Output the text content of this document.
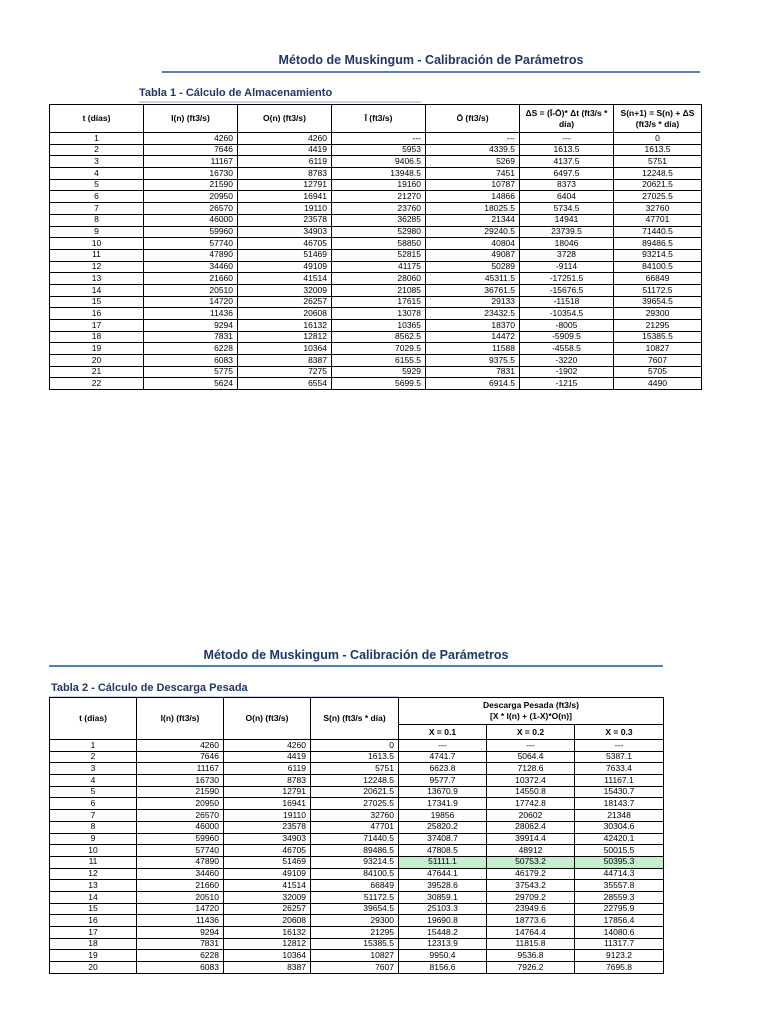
Método de Muskingum - Calibración de Parámetros
Tabla 1 - Cálculo de Almacenamiento
t (días)	I(n) (ft3/s)	O(n) (ft3/s)	Ī (ft3/s)	Ō (ft3/s)	ΔS = (Ī-Ō)* Δt (ft3/s * día)	S(n+1) = S(n) + ΔS (ft3/s * día)
1	4260	4260	---	---	---	0
2	7646	4419	5953	4339.5	1613.5	1613.5
3	11167	6119	9406.5	5269	4137.5	5751
4	16730	8783	13948.5	7451	6497.5	12248.5
5	21590	12791	19160	10787	8373	20621.5
6	20950	16941	21270	14866	6404	27025.5
7	26570	19110	23760	18025.5	5734.5	32760
8	46000	23578	36285	21344	14941	47701
9	59960	34903	52980	29240.5	23739.5	71440.5
10	57740	46705	58850	40804	18046	89486.5
11	47890	51469	52815	49087	3728	93214.5
12	34460	49109	41175	50289	-9114	84100.5
13	21660	41514	28060	45311.5	-17251.5	66849
14	20510	32009	21085	36761.5	-15676.5	51172.5
15	14720	26257	17615	29133	-11518	39654.5
16	11436	20608	13078	23432.5	-10354.5	29300
17	9294	16132	10365	18370	-8005	21295
18	7831	12812	8562.5	14472	-5909.5	15385.5
19	6228	10364	7029.5	11588	-4558.5	10827
20	6083	8387	6155.5	9375.5	-3220	7607
21	5775	7275	5929	7831	-1902	5705
22	5624	6554	5699.5	6914.5	-1215	4490
Método de Muskingum - Calibración de Parámetros
Tabla 2 - Cálculo de Descarga Pesada
t (días)	I(n) (ft3/s)	O(n) (ft3/s)	S(n) (ft3/s * día)	Descarga Pesada (ft3/s)
[X * I(n) + (1-X)*O(n)]		

				X = 0.1	X = 0.2	X = 0.3
1	4260	4260	0	---	---	---
2	7646	4419	1613.5	4741.7	5064.4	5387.1
3	11167	6119	5751	6623.8	7128.6	7633.4
4	16730	8783	12248.5	9577.7	10372.4	11167.1
5	21590	12791	20621.5	13670.9	14550.8	15430.7
6	20950	16941	27025.5	17341.9	17742.8	18143.7
7	26570	19110	32760	19856	20602	21348
8	46000	23578	47701	25820.2	28062.4	30304.6
9	59960	34903	71440.5	37408.7	39914.4	42420.1
10	57740	46705	89486.5	47808.5	48912	50015.5
11	47890	51469	93214.5	51111.1	50753.2	50395.3
12	34460	49109	84100.5	47644.1	46179.2	44714.3
13	21660	41514	66849	39528.6	37543.2	35557.8
14	20510	32009	51172.5	30859.1	29709.2	28559.3
15	14720	26257	39654.5	25103.3	23949.6	22795.9
16	11436	20608	29300	19690.8	18773.6	17856.4
17	9294	16132	21295	15448.2	14764.4	14080.6
18	7831	12812	15385.5	12313.9	11815.8	11317.7
19	6228	10364	10827	9950.4	9536.8	9123.2
20	6083	8387	7607	8156.6	7926.2	7695.8
